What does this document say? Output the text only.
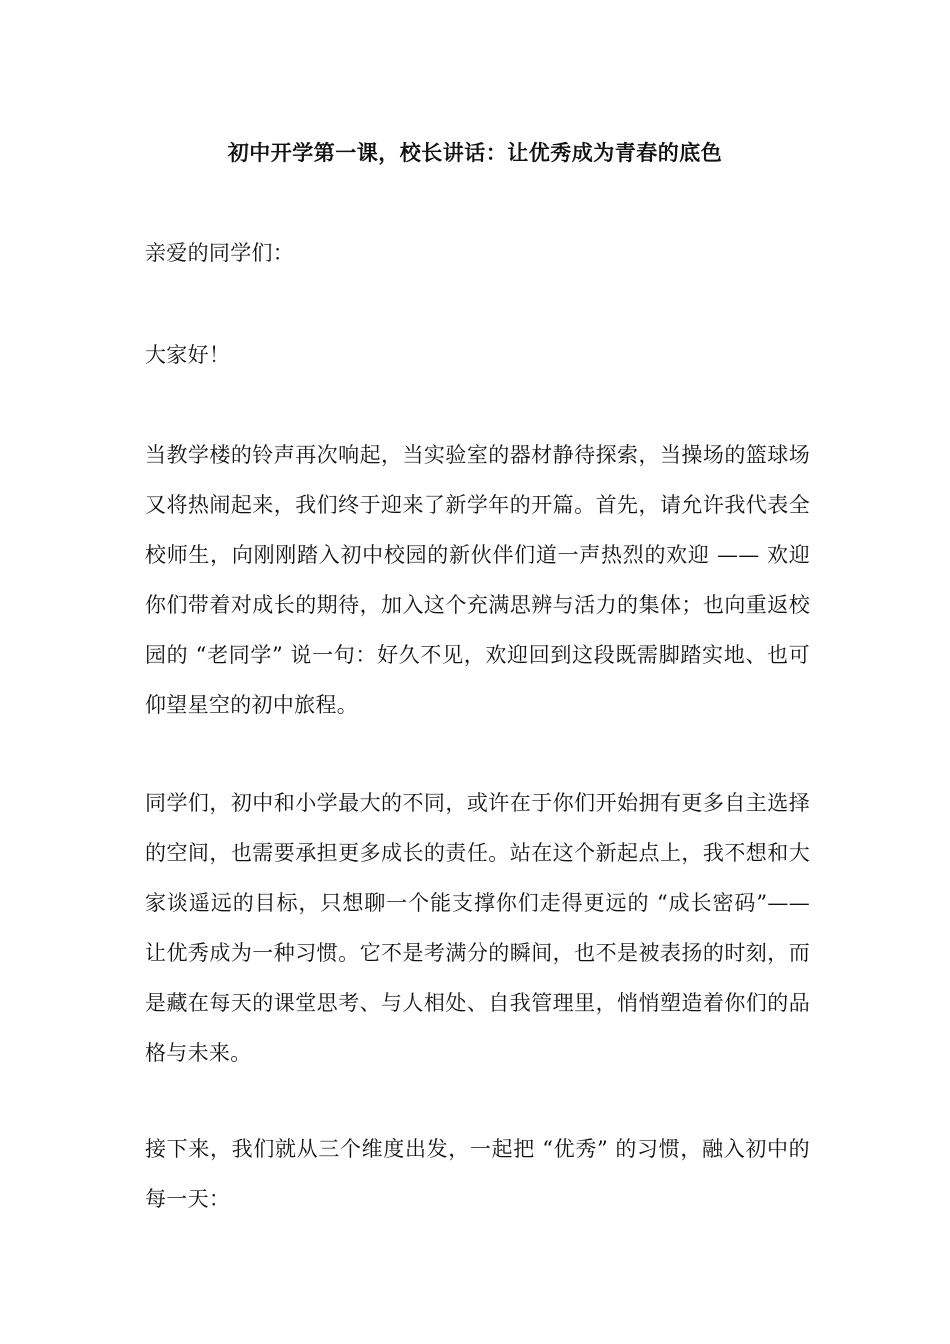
初中开学第一课，校长讲话：让优秀成为青春的底色
亲爱的同学们：
大家好！
当教学楼的铃声再次响起，当实验室的器材静待探索，当操场的篮球场又将热闹起来，我们终于迎来了新学年的开篇。首先，请允许我代表全校师生，向刚刚踏入初中校园的新伙伴们道一声热烈的欢迎 —— 欢迎你们带着对成长的期待，加入这个充满思辨与活力的集体；也向重返校园的 “老同学” 说一句：好久不见，欢迎回到这段既需脚踏实地、也可仰望星空的初中旅程。
同学们，初中和小学最大的不同，或许在于你们开始拥有更多自主选择的空间，也需要承担更多成长的责任。站在这个新起点上，我不想和大家谈遥远的目标，只想聊一个能支撑你们走得更远的 “成长密码”——让优秀成为一种习惯。它不是考满分的瞬间，也不是被表扬的时刻，而是藏在每天的课堂思考、与人相处、自我管理里，悄悄塑造着你们的品格与未来。
接下来，我们就从三个维度出发，一起把 “优秀” 的习惯，融入初中的每一天：
